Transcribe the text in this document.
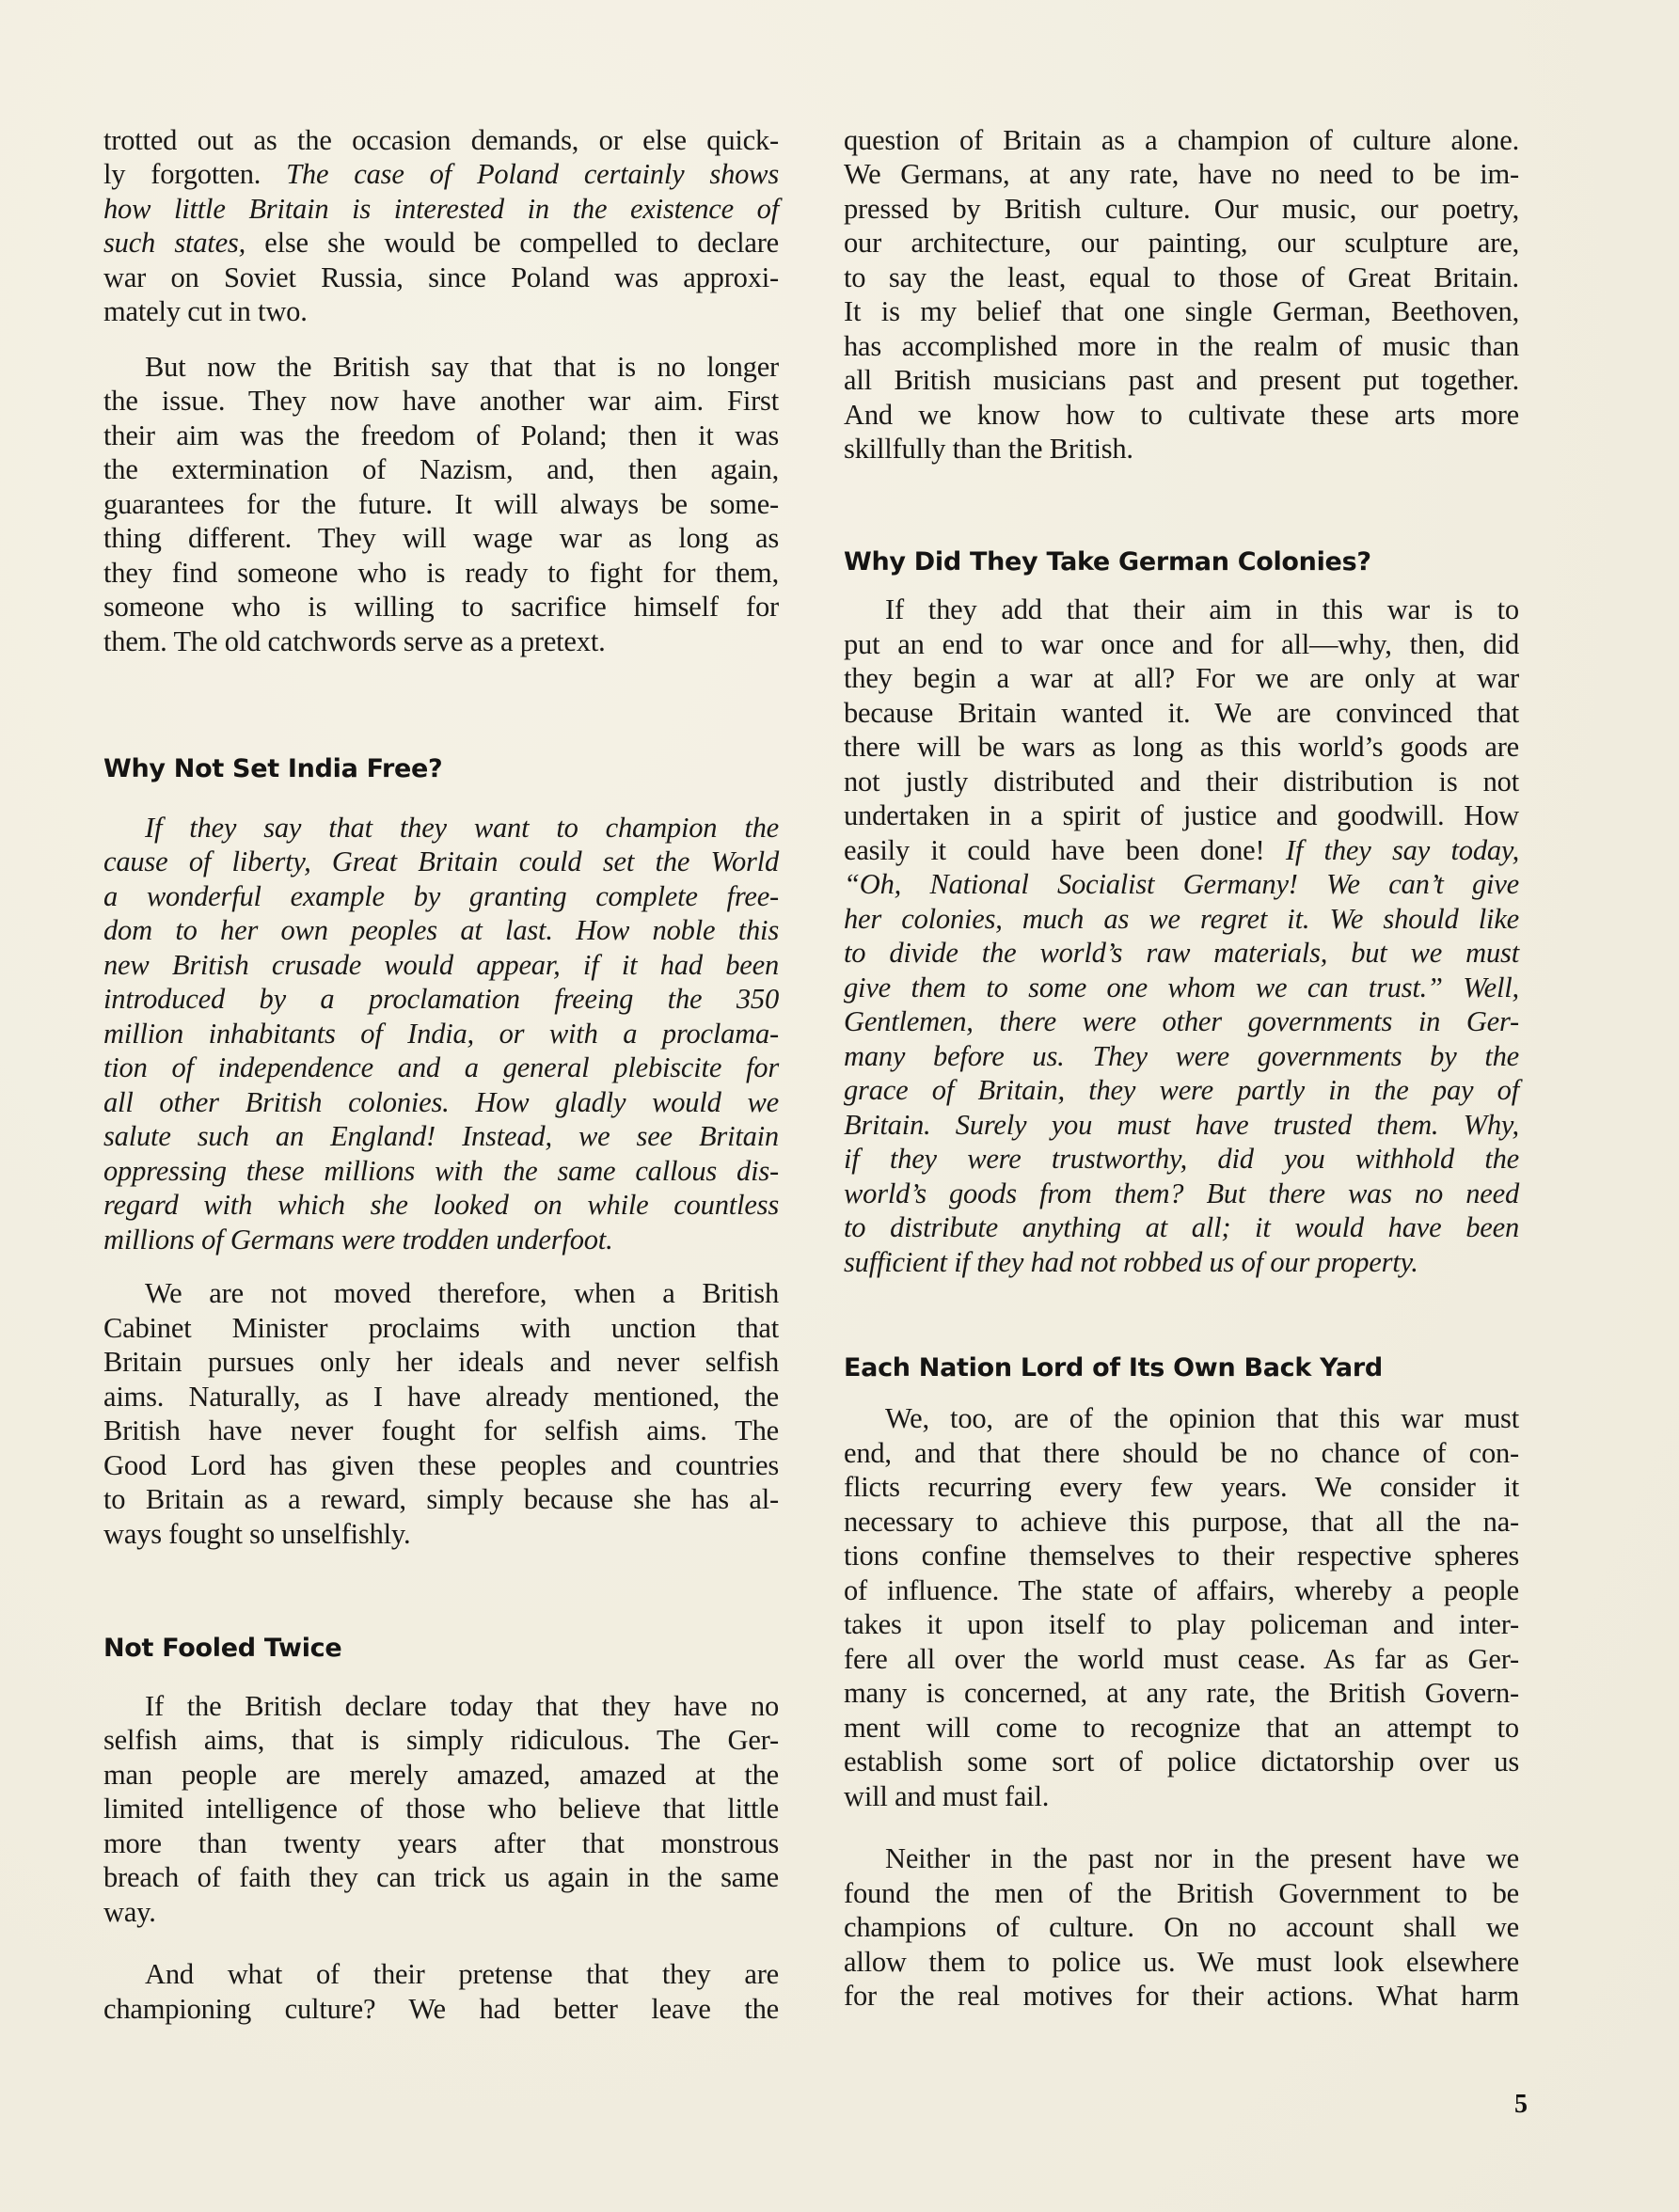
trotted out as the occasion demands, or else quick-
ly forgotten. The case of Poland certainly shows
how little Britain is interested in the existence of
such states, else she would be compelled to declare
war on Soviet Russia, since Poland was approxi-
mately cut in two.
But now the British say that that is no longer
the issue. They now have another war aim. First
their aim was the freedom of Poland; then it was
the extermination of Nazism, and, then again,
guarantees for the future. It will always be some-
thing different. They will wage war as long as
they find someone who is ready to fight for them,
someone who is willing to sacrifice himself for
them. The old catchwords serve as a pretext.
Why Not Set India Free?
If they say that they want to champion the
cause of liberty, Great Britain could set the World
a wonderful example by granting complete free-
dom to her own peoples at last. How noble this
new British crusade would appear, if it had been
introduced by a proclamation freeing the 350
million inhabitants of India, or with a proclama-
tion of independence and a general plebiscite for
all other British colonies. How gladly would we
salute such an England! Instead, we see Britain
oppressing these millions with the same callous dis-
regard with which she looked on while countless
millions of Germans were trodden underfoot.
We are not moved therefore, when a British
Cabinet Minister proclaims with unction that
Britain pursues only her ideals and never selfish
aims. Naturally, as I have already mentioned, the
British have never fought for selfish aims. The
Good Lord has given these peoples and countries
to Britain as a reward, simply because she has al-
ways fought so unselfishly.
Not Fooled Twice
If the British declare today that they have no
selfish aims, that is simply ridiculous. The Ger-
man people are merely amazed, amazed at the
limited intelligence of those who believe that little
more than twenty years after that monstrous
breach of faith they can trick us again in the same
way.
And what of their pretense that they are
championing culture? We had better leave the
question of Britain as a champion of culture alone.
We Germans, at any rate, have no need to be im-
pressed by British culture. Our music, our poetry,
our architecture, our painting, our sculpture are,
to say the least, equal to those of Great Britain.
It is my belief that one single German, Beethoven,
has accomplished more in the realm of music than
all British musicians past and present put together.
And we know how to cultivate these arts more
skillfully than the British.
Why Did They Take German Colonies?
If they add that their aim in this war is to
put an end to war once and for all—why, then, did
they begin a war at all? For we are only at war
because Britain wanted it. We are convinced that
there will be wars as long as this world’s goods are
not justly distributed and their distribution is not
undertaken in a spirit of justice and goodwill. How
easily it could have been done! If they say today,
“Oh, National Socialist Germany! We can’t give
her colonies, much as we regret it. We should like
to divide the world’s raw materials, but we must
give them to some one whom we can trust.” Well,
Gentlemen, there were other governments in Ger-
many before us. They were governments by the
grace of Britain, they were partly in the pay of
Britain. Surely you must have trusted them. Why,
if they were trustworthy, did you withhold the
world’s goods from them? But there was no need
to distribute anything at all; it would have been
sufficient if they had not robbed us of our property.
Each Nation Lord of Its Own Back Yard
We, too, are of the opinion that this war must
end, and that there should be no chance of con-
flicts recurring every few years. We consider it
necessary to achieve this purpose, that all the na-
tions confine themselves to their respective spheres
of influence. The state of affairs, whereby a people
takes it upon itself to play policeman and inter-
fere all over the world must cease. As far as Ger-
many is concerned, at any rate, the British Govern-
ment will come to recognize that an attempt to
establish some sort of police dictatorship over us
will and must fail.
Neither in the past nor in the present have we
found the men of the British Government to be
champions of culture. On no account shall we
allow them to police us. We must look elsewhere
for the real motives for their actions. What harm
5
